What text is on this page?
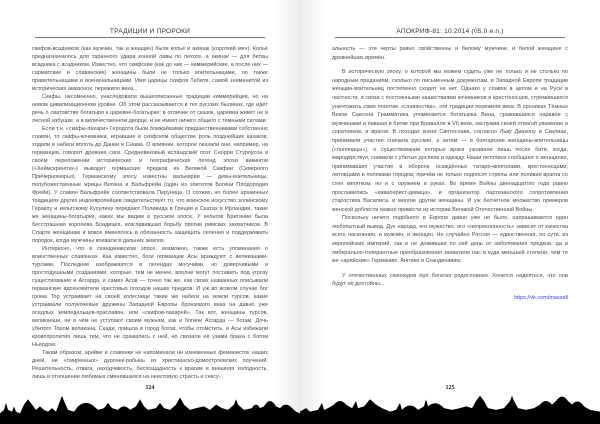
ТРАДИЦИИ И ПРОРОКИ

скифов-всадников (как мужчин, так и женщин) были копьё и акинак (короткий меч). Копьё предназначалось для таранного удара конной лавы по пехоте, а акинак — для битвы всадника с всадником. Известно, что скифские (как до них — киммерийские, а после них — сарматские и славянские) женщины были не только воительницами, но также правительницами и военачальницами. Имя царицы скифов Табити, самой знаменитой из исторических амазонок, пережило века...

Скифы, несомненно, унаследовали вышеописанные традиции киммерийцев, но на новом цивилизационном уровне. Об этом рассказывается в тех русских былинах, где идёт речь о сватовстве богатыря к царевне-богатырке: в отличие от сказок, царевна живёт не в лесной избушке, а в величественном дворце, и не имеет ничего общего с тёмными силами.

Если т.н. «скифы-пахари» Геродота были ближайшими предшественниками собственно славян, то скифы-кочевники, игравшие в скифском обществе роль позднейших казаков, ходили в набеги вплоть до Дании и Сиама. О влиянии, которое оказали они, например, на германцев, говорят древние саги. Средневековый исландский поэт Снорри Стурлусон в своём переложении исторических и географических легенд эпохи викингов («Хеймскрингла») выводит германских предков из Великой Скифии (Северного Причерноморья). Германскому эпосу известны валькирии — девы-воительницы, полубожественные жрицы Вотана и Вальфрейи (один из эпитетов Богини Плодородия Фрейи). У славян Вальфрейе соответствовала Перуница. О схожих, но более архаичных традициях других индоевропейцев свидетельствует то, что воинское искусство эллинскому Гераклу и кельтскому Кухулину передают Поливида в Греции и Скатах в Ирландии, такие же женщины-богатырки, каких мы видим в русском эпосе. У кельтов Британии была бесстрашная королева Боадицея, возглавившая борьбу против римских захватчиков. В Спарте женщинам и вовсе вменялось в обязанность защищать селения и поддерживать порядок, когда мужчины воевали в дальних землях.

Интересно, что в скандинавском эпосе, возможно, также есть упоминания о воинственных славянках. Как известно, боги германцев Асы враждуют с великанами-турсами. Последние изображаются в легендах могучими, но доверчивыми и простодушными созданиями, которые, тем не менее, вполне могут поставить под угрозу существование и Асгарда, и самих Асов — точно так же, как своих названных описывали германские вдохновители крестовых походов наших предков. И уж во всяком случае бог грома Тор устраивает на своей колеснице такие же набеги на земли турсов, какие устраивали полукочевые дружины Западной Европы бронзового века на давно уже оседлых земледельцев-праславян, или «скифов-пахарей». Так вот, женщины турсов, великанши, ни в чём не уступают своим мужьям, как и богини Асгарда — богам. Дочь убитого Тором великана, Скади, пришла в город богов, чтобы отомстить, и Асы избежали кровопролития лишь тем, что не сражались с ней, но связали её узами брака с богом Ньёрдом.

Таким образом, арийки и славянки не напоминали ни изнеженных феминисток наших дней, ни «смиренных» дурочек-рабынь из христианско-домостроевских поучений. Решительность, отвага, находчивость, беспощадность к врагам и внешняя холодность, лишь в отношении любимых сменявшаяся на неистовую страсть и сексу-

124
АПОКРИФ-81: 10.2014 (05.0 е.п.)

альность — эти черты равно свойственны и белому мужчине, и белой женщине с древнейших времён.

В историческую эпоху, о которой мы можем судить уже не только и не столько по народным преданиям, сколько по письменным документам, в Западной Европе традиции женщин-воительниц постепенно сходят на нет. Однако у славян в целом и на Руси в частности, в связи с постоянными нашествиями кочевников и крестоносцев, стремившихся уничтожить само понятие «славянства», эти традиции пережили века. В хрониках Тёмных Веков Саксона Грамматика упоминается богатырка Вина, сражавшаяся наравне с мужчинами и павшая в битве при Бравалле в VII веке, заслужив своей отвагой уважение и соратников, и врагов. В походах князя Святослава, согласно Льву Диакону и Скилице, принимали участие сначала русские, а затем — и болгарские женщины-воительницы («поляницы»), о существовании которых враги узнавали лишь после битв, когда, мародёрствуя, снимали с убитых доспехи и одежду. Наши летописи сообщают о женщинах, принимавших участие в обороне осаждённых татаро-монголами, крестоносцами, литовцами и поляками городов, причём не только подносят стрелы или поливая врагов со стен кипятком, но и с оружием в руках. Во время Войны двенадцатого года равно прославились «кавалерист-девица», и организатор партизанского сопротивления старостиха Василиса, и многие другие женщины. И уж бесчётное множество примеров женской доблести можно привести из истории Великой Отечественной Войны.

Поскольку ничего подобного в Европе давно уже не было, напрашивается один любопытный вывод. Дух народа, его мужество, его «непреклонность» зависит от качества всего населения, и мужчин, и женщин. Не случайно Россия — единственная, по сути, из европейских империй, так и не дожившая по сей день от заболевания предков, да и либерально-толерантные преобразования захватили нас в куда меньшей степени, чем те же «арийские» Германию, Англию и Скандинавию.

У отечественных скинхедов ёрл богатая родословная. Хочется надеяться, что они будут её достойны...

https://vk.com/massell
125
